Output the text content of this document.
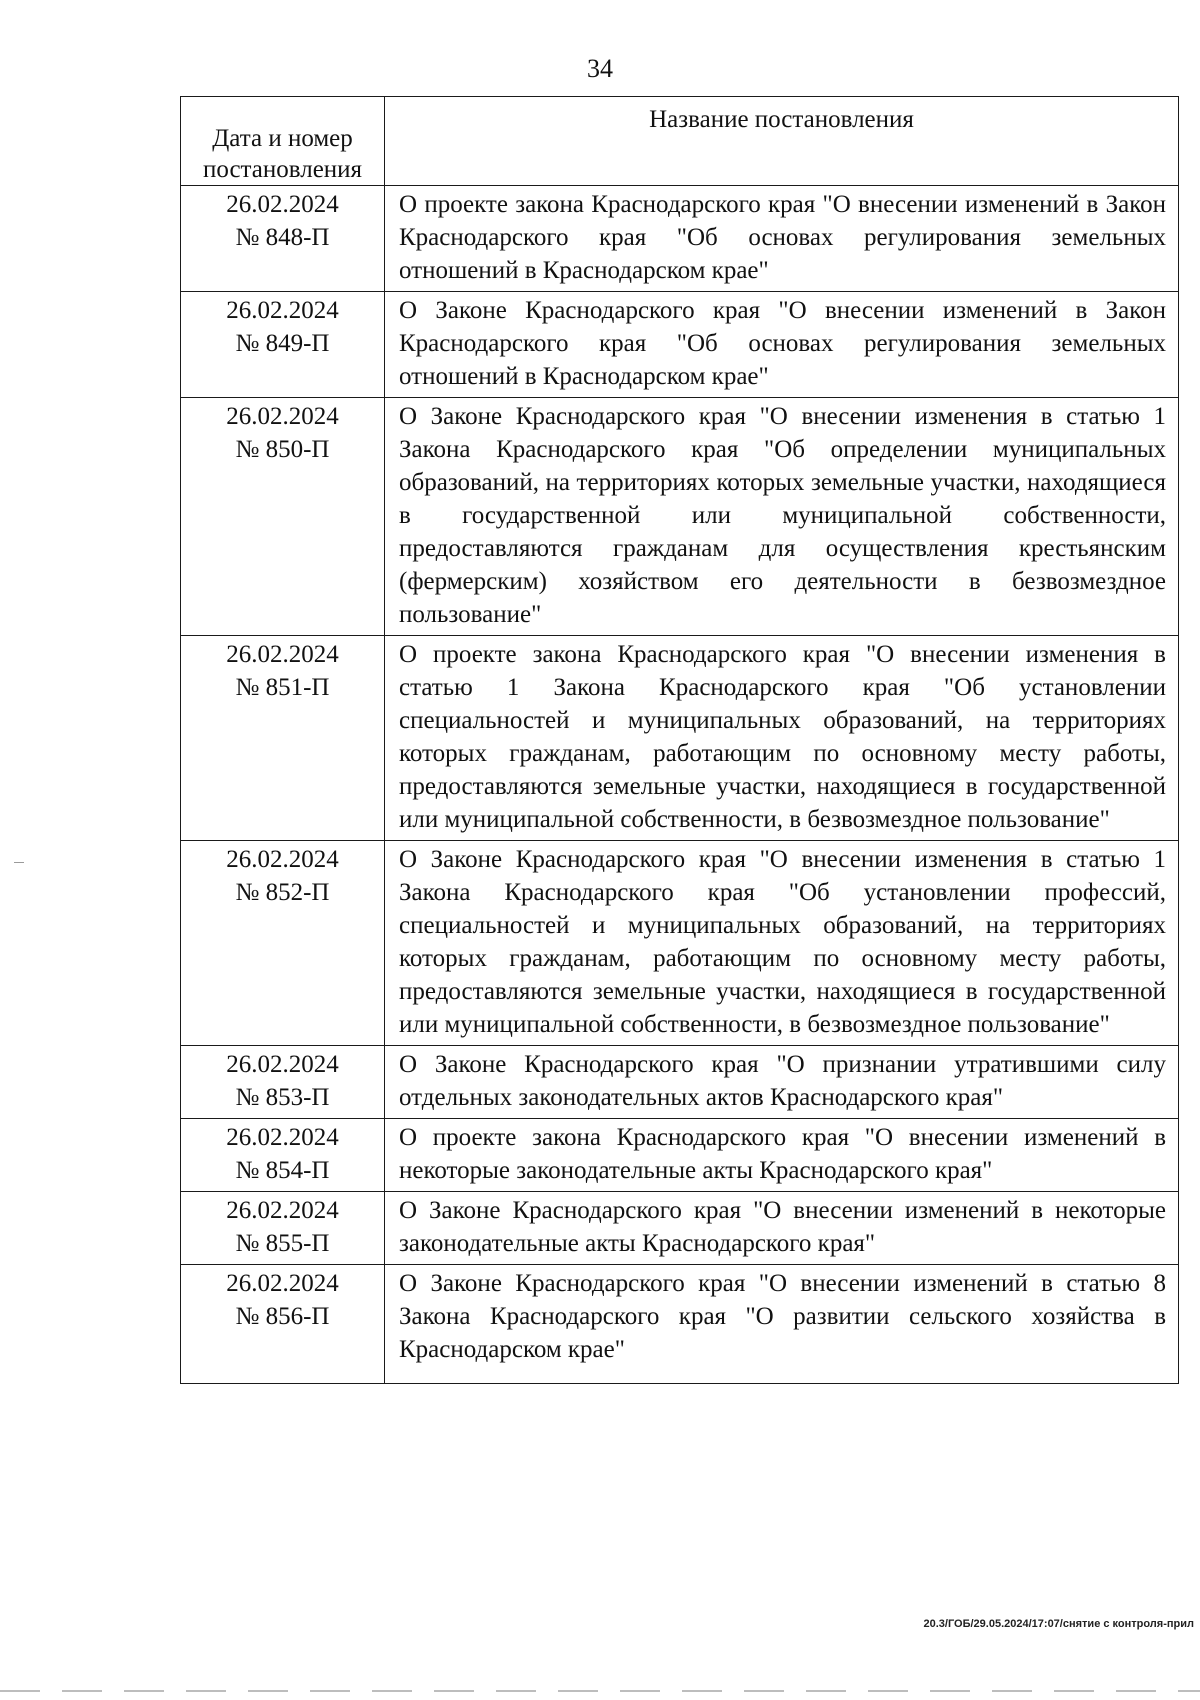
34
Дата и номер постановления	Название постановления

26.02.2024
№ 848-П	О проекте закона Краснодарского края "О внесении изменений в Закон Краснодарского края "Об основах регулирования земельных отношений в Краснодарском крае"

26.02.2024
№ 849-П	О Законе Краснодарского края "О внесении изменений в Закон Краснодарского края "Об основах регулирования земельных отношений в Краснодарском крае"

26.02.2024
№ 850-П	О Законе Краснодарского края "О внесении изменения в статью 1 Закона Краснодарского края "Об определении муниципальных образований, на территориях которых земельные участки, находящиеся в государственной или муниципальной собственности, предоставляются гражданам для осуществления крестьянским (фермерским) хозяйством его деятельности в безвозмездное пользование"

26.02.2024
№ 851-П	О проекте закона Краснодарского края "О внесении изменения в статью 1 Закона Краснодарского края "Об установлении специальностей и муниципальных образований, на территориях которых гражданам, работающим по основному месту работы, предоставляются земельные участки, находящиеся в государственной или муниципальной собственности, в безвозмездное пользование"

26.02.2024
№ 852-П	О Законе Краснодарского края "О внесении изменения в статью 1 Закона Краснодарского края "Об установлении профессий, специальностей и муниципальных образований, на территориях которых гражданам, работающим по основному месту работы, предоставляются земельные участки, находящиеся в государственной или муниципальной собственности, в безвозмездное пользование"

26.02.2024
№ 853-П	О Законе Краснодарского края "О признании утратившими силу отдельных законодательных актов Краснодарского края"

26.02.2024
№ 854-П	О проекте закона Краснодарского края "О внесении изменений в некоторые законодательные акты Краснодарского края"

26.02.2024
№ 855-П	О Законе Краснодарского края "О внесении изменений в некоторые законодательные акты Краснодарского края"

26.02.2024
№ 856-П	О Законе Краснодарского края "О внесении изменений в статью 8 Закона Краснодарского края "О развитии сельского хозяйства в Краснодарском крае"
20.3/ГОБ/29.05.2024/17:07/снятие с контроля-прил
